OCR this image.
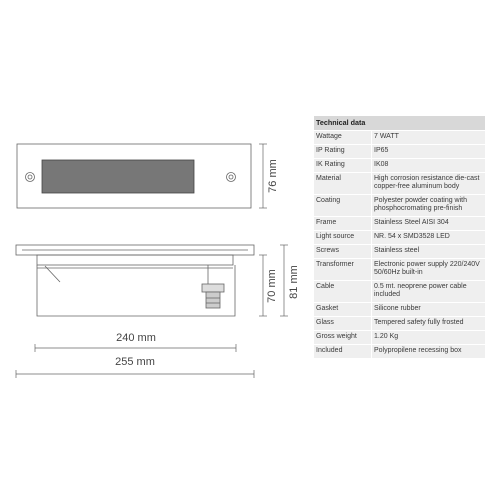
76 mm
70 mm 81 mm
240 mm
255 mm
Technical data	
Wattage	7 WATT
IP Rating	IP65
IK Rating	IK08
Material	High corrosion resistance die-cast copper-free aluminum body
Coating	Polyester powder coating with phosphocromating pre-finish
Frame	Stainless Steel AISI 304
Light source	NR. 54 x SMD3528 LED
Screws	Stainless steel
Transformer	Electronic power supply 220/240V 50/60Hz built-in
Cable	0.5 mt. neoprene power cable included
Gasket	Silicone rubber
Glass	Tempered safety fully frosted
Gross weight	1.20 Kg
Included	Polypropilene recessing box
